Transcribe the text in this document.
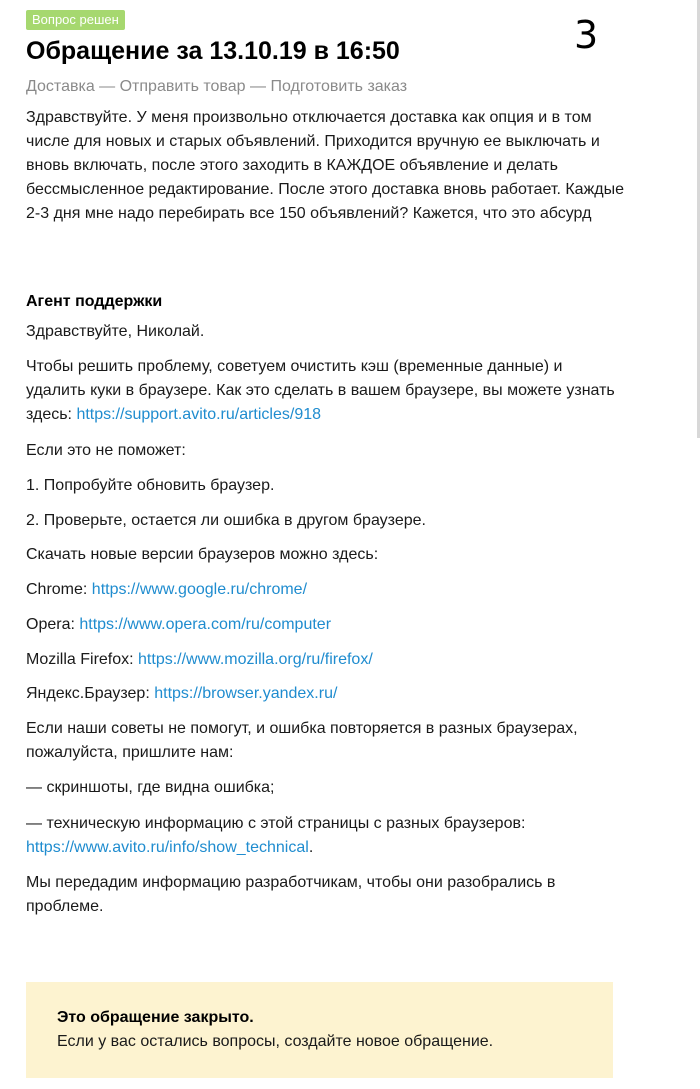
Вопрос решен	3
Обращение за 13.10.19 в 16:50
Доставка — Отправить товар — Подготовить заказ

Здравствуйте. У меня произвольно отключается доставка как опция и в том числе для новых и старых объявлений. Приходится вручную ее выключать и вновь включать, после этого заходить в КАЖДОЕ объявление и делать бессмысленное редактирование. После этого доставка вновь работает. Каждые 2-3 дня мне надо перебирать все 150 объявлений? Кажется, что это абсурд

Агент поддержки

Здравствуйте, Николай.

Чтобы решить проблему, советуем очистить кэш (временные данные) и удалить куки в браузере. Как это сделать в вашем браузере, вы можете узнать здесь: https://support.avito.ru/articles/918

Если это не поможет:

1. Попробуйте обновить браузер.

2. Проверьте, остается ли ошибка в другом браузере.

Скачать новые версии браузеров можно здесь:

Chrome: https://www.google.ru/chrome/

Opera: https://www.opera.com/ru/computer

Mozilla Firefox: https://www.mozilla.org/ru/firefox/

Яндекс.Браузер: https://browser.yandex.ru/

Если наши советы не помогут, и ошибка повторяется в разных браузерах, пожалуйста, пришлите нам:

— скриншоты, где видна ошибка;

— техническую информацию с этой страницы с разных браузеров: https://www.avito.ru/info/show_technical.

Мы передадим информацию разработчикам, чтобы они разобрались в проблеме.

Это обращение закрыто.
Если у вас остались вопросы, создайте новое обращение.
